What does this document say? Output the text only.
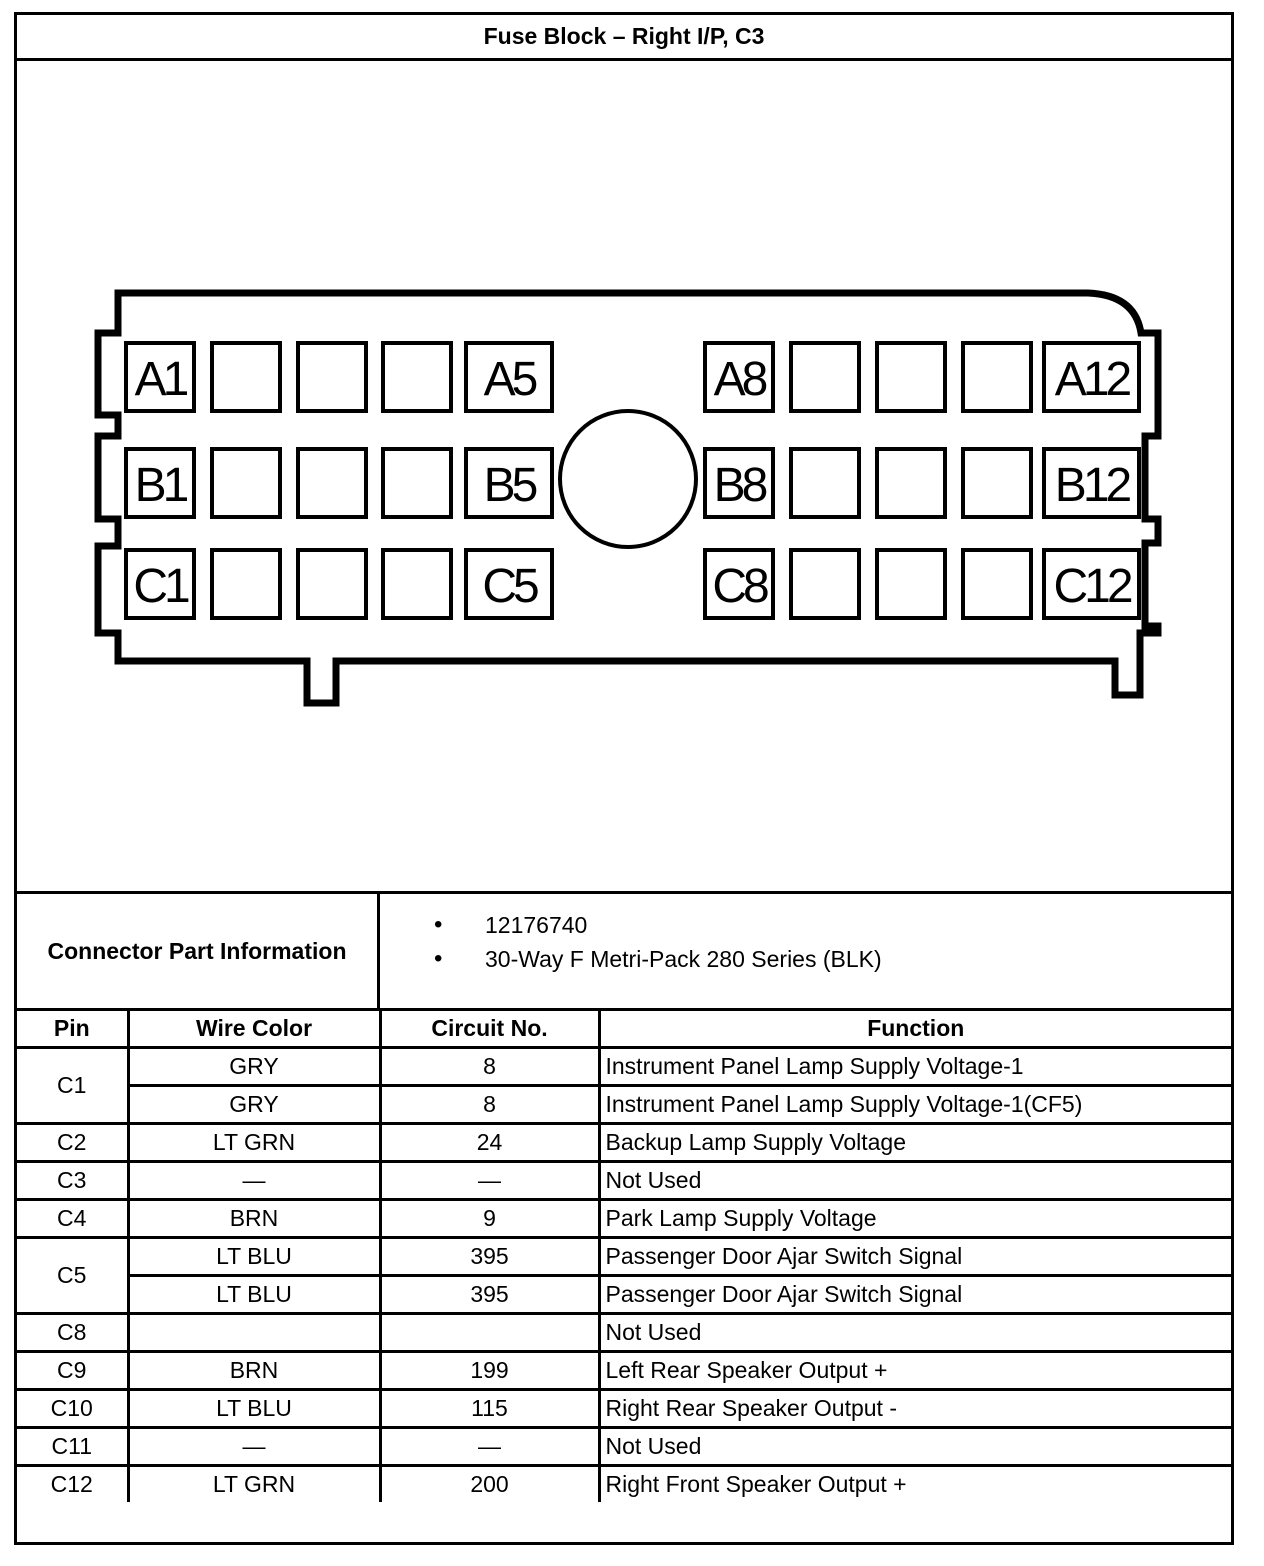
Fuse Block – Right I/P, C3
A1	A5	A8	A12
B1	B5	B8	B12
C1	C5	C8	C12
Connector Part Information
• 12176740
• 30-Way F Metri-Pack 280 Series (BLK)
Pin	Wire Color	Circuit No.	Function
C1	GRY	8	Instrument Panel Lamp Supply Voltage-1
	GRY	8	Instrument Panel Lamp Supply Voltage-1(CF5)
C2	LT GRN	24	Backup Lamp Supply Voltage
C3	—	—	Not Used
C4	BRN	9	Park Lamp Supply Voltage
C5	LT BLU	395	Passenger Door Ajar Switch Signal
	LT BLU	395	Passenger Door Ajar Switch Signal
C8			Not Used
C9	BRN	199	Left Rear Speaker Output +
C10	LT BLU	115	Right Rear Speaker Output -
C11	—	—	Not Used
C12	LT GRN	200	Right Front Speaker Output +
